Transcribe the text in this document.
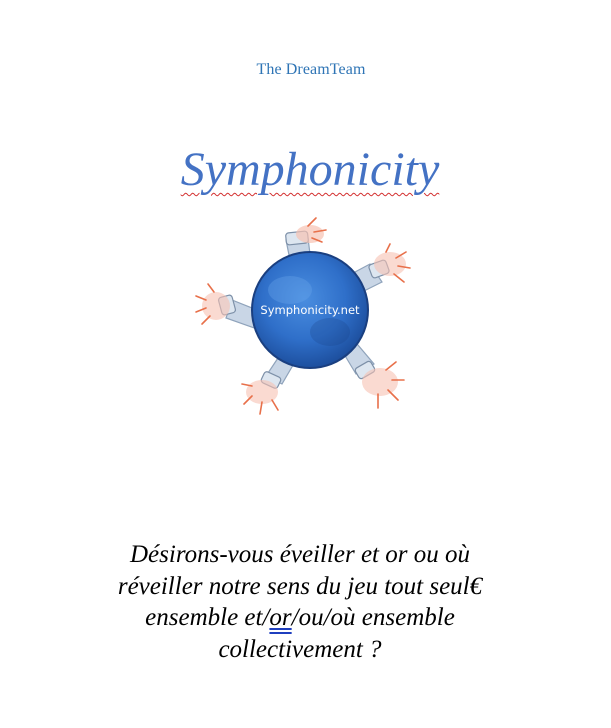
The DreamTeam
Symphonicity
Symphonicity.net
Désirons-vous éveiller et or ou où
réveiller notre sens du jeu tout seul€
ensemble et/or/ou/où ensemble
collectivement ?
